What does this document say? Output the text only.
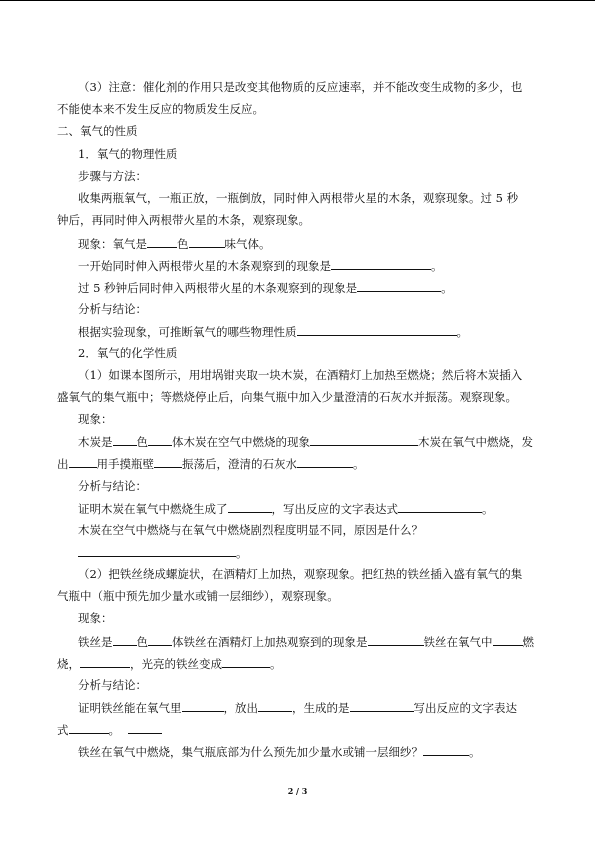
（3）注意：催化剂的作用只是改变其他物质的反应速率，并不能改变生成物的多少，也
不能使本来不发生反应的物质发生反应。
二、氧气的性质
1．氧气的物理性质
步骤与方法：
收集两瓶氧气，一瓶正放，一瓶倒放，同时伸入两根带火星的木条，观察现象。过 5 秒
钟后，再同时伸入两根带火星的木条，观察现象。
现象：氧气是	色	味气体。
一开始同时伸入两根带火星的木条观察到的现象是	。
过 5 秒钟后同时伸入两根带火星的木条观察到的现象是	。
分析与结论：
根据实验现象，可推断氧气的哪些物理性质	。
2．氧气的化学性质
（1）如课本图所示，用坩埚钳夹取一块木炭，在酒精灯上加热至燃烧；然后将木炭插入
盛氧气的集气瓶中；等燃烧停止后，向集气瓶中加入少量澄清的石灰水并振荡。观察现象。
现象：
木炭是 色 体木炭在空气中燃烧的现象	木炭在氧气中燃烧，发
出 用手摸瓶壁 振荡后，澄清的石灰水	。
分析与结论：
证明木炭在氧气中燃烧生成了	，写出反应的文字表达式	。
木炭在空气中燃烧与在氧气中燃烧剧烈程度明显不同，原因是什么？
。
（2）把铁丝绕成螺旋状，在酒精灯上加热，观察现象。把红热的铁丝插入盛有氧气的集
气瓶中（瓶中预先加少量水或铺一层细纱），观察现象。
现象：
铁丝是 色 体铁丝在酒精灯上加热观察到的现象是	铁丝在氧气中	燃
烧，	，光亮的铁丝变成	。
分析与结论：
证明铁丝能在氧气里	，放出	，生成的是	写出反应的文字表达
式	。
铁丝在氧气中燃烧，集气瓶底部为什么预先加少量水或铺一层细纱？	。
2 / 3
